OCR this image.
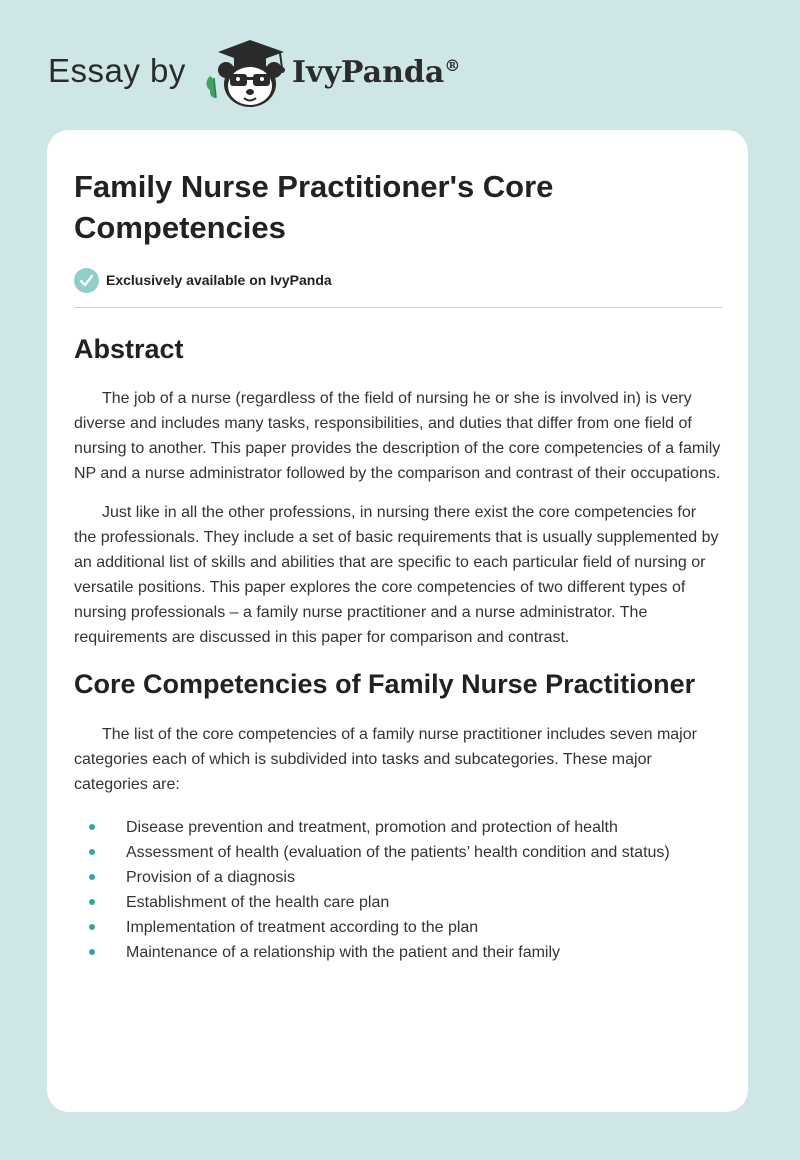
Essay by	IvyPanda®
Family Nurse Practitioner's Core Competencies
Exclusively available on IvyPanda
Abstract

The job of a nurse (regardless of the field of nursing he or she is involved in) is very diverse and includes many tasks, responsibilities, and duties that differ from one field of nursing to another. This paper provides the description of the core competencies of a family NP and a nurse administrator followed by the comparison and contrast of their occupations.

Just like in all the other professions, in nursing there exist the core competencies for the professionals. They include a set of basic requirements that is usually supplemented by an additional list of skills and abilities that are specific to each particular field of nursing or versatile positions. This paper explores the core competencies of two different types of nursing professionals – a family nurse practitioner and a nurse administrator. The requirements are discussed in this paper for comparison and contrast.

Core Competencies of Family Nurse Practitioner

The list of the core competencies of a family nurse practitioner includes seven major categories each of which is subdivided into tasks and subcategories. These major categories are:

Disease prevention and treatment, promotion and protection of health
Assessment of health (evaluation of the patients’ health condition and status)
Provision of a diagnosis
Establishment of the health care plan
Implementation of treatment according to the plan
Maintenance of a relationship with the patient and their family
